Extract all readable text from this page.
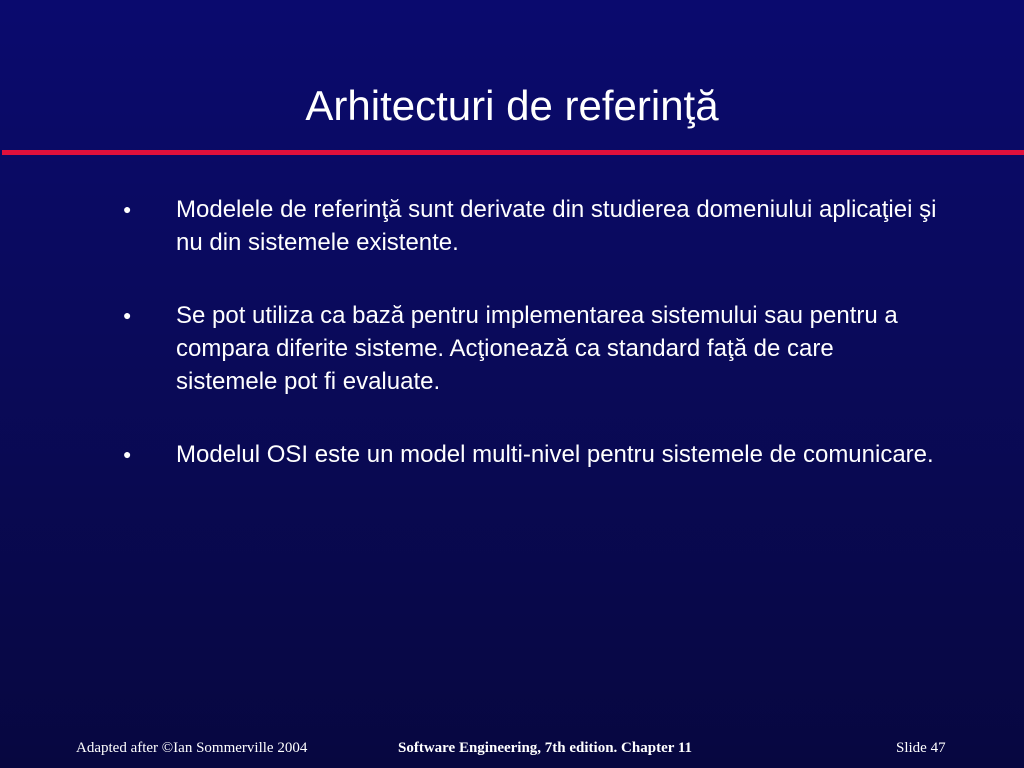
Arhitecturi de referinţă
● Modelele de referinţă sunt derivate din studierea domeniului aplicaţiei şi nu din sistemele existente.
● Se pot utiliza ca bază pentru implementarea sistemului sau pentru a compara diferite sisteme. Acţionează ca standard faţă de care sistemele pot fi evaluate.
● Modelul OSI este un model multi-nivel pentru sistemele de comunicare.
Adapted after ©Ian Sommerville 2004	Software Engineering, 7th edition. Chapter 11	Slide 47
